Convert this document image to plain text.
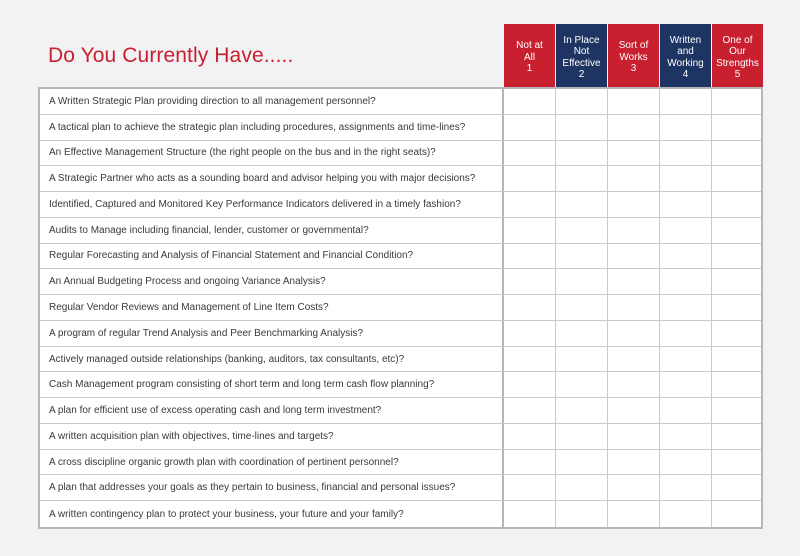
Do You Currently Have.....	Not at
All
1
In Place
Not
Effective
2
Sort of
Works
3
Written
and
Working
4
One of
Our
Strengths
5
A Written Strategic Plan providing direction to all management personnel?
A tactical plan to achieve the strategic plan including procedures, assignments and time-lines?
An Effective Management Structure (the right people on the bus and in the right seats)?
A Strategic Partner who acts as a sounding board and advisor helping you with major decisions?
Identified, Captured and Monitored Key Performance Indicators delivered in a timely fashion?
Audits to Manage including financial, lender, customer or governmental?
Regular Forecasting and Analysis of Financial Statement and Financial Condition?
An Annual Budgeting Process and ongoing Variance Analysis?
Regular Vendor Reviews and Management of Line Item Costs?
A program of regular Trend Analysis and Peer Benchmarking Analysis?
Actively managed outside relationships (banking, auditors, tax consultants, etc)?
Cash Management program consisting of short term and long term cash flow planning?
A plan for efficient use of excess operating cash and long term investment?
A written acquisition plan with objectives, time-lines and targets?
A cross discipline organic growth plan with coordination of pertinent personnel?
A plan that addresses your goals as they pertain to business, financial and personal issues?
A written contingency plan to protect your business, your future and your family?
